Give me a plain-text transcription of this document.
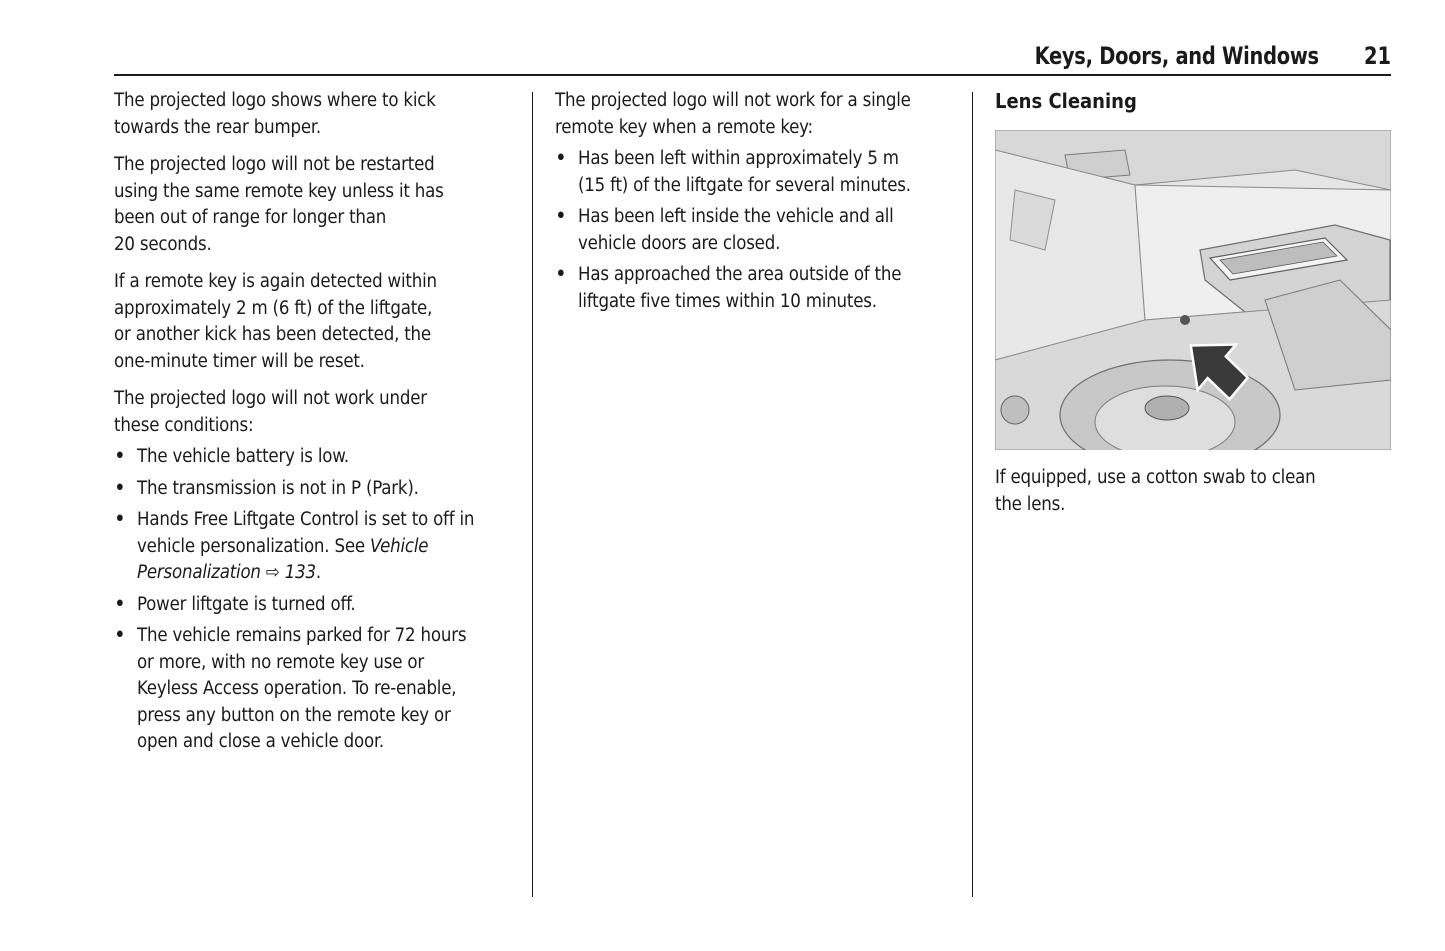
Keys, Doors, and Windows 21

The projected logo shows where to kick
towards the rear bumper.

The projected logo will not be restarted
using the same remote key unless it has
been out of range for longer than
20 seconds.

If a remote key is again detected within
approximately 2 m (6 ft) of the liftgate,
or another kick has been detected, the
one-minute timer will be reset.

The projected logo will not work under
these conditions:

• The vehicle battery is low.
• The transmission is not in P (Park).
• Hands Free Liftgate Control is set to off in
vehicle personalization. See Vehicle
Personalization ⇨ 133.
• Power liftgate is turned off.
• The vehicle remains parked for 72 hours
or more, with no remote key use or
Keyless Access operation. To re-enable,
press any button on the remote key or
open and close a vehicle door.

The projected logo will not work for a single
remote key when a remote key:

• Has been left within approximately 5 m
(15 ft) of the liftgate for several minutes.
• Has been left inside the vehicle and all
vehicle doors are closed.
• Has approached the area outside of the
liftgate five times within 10 minutes.

Lens Cleaning

If equipped, use a cotton swab to clean
the lens.
